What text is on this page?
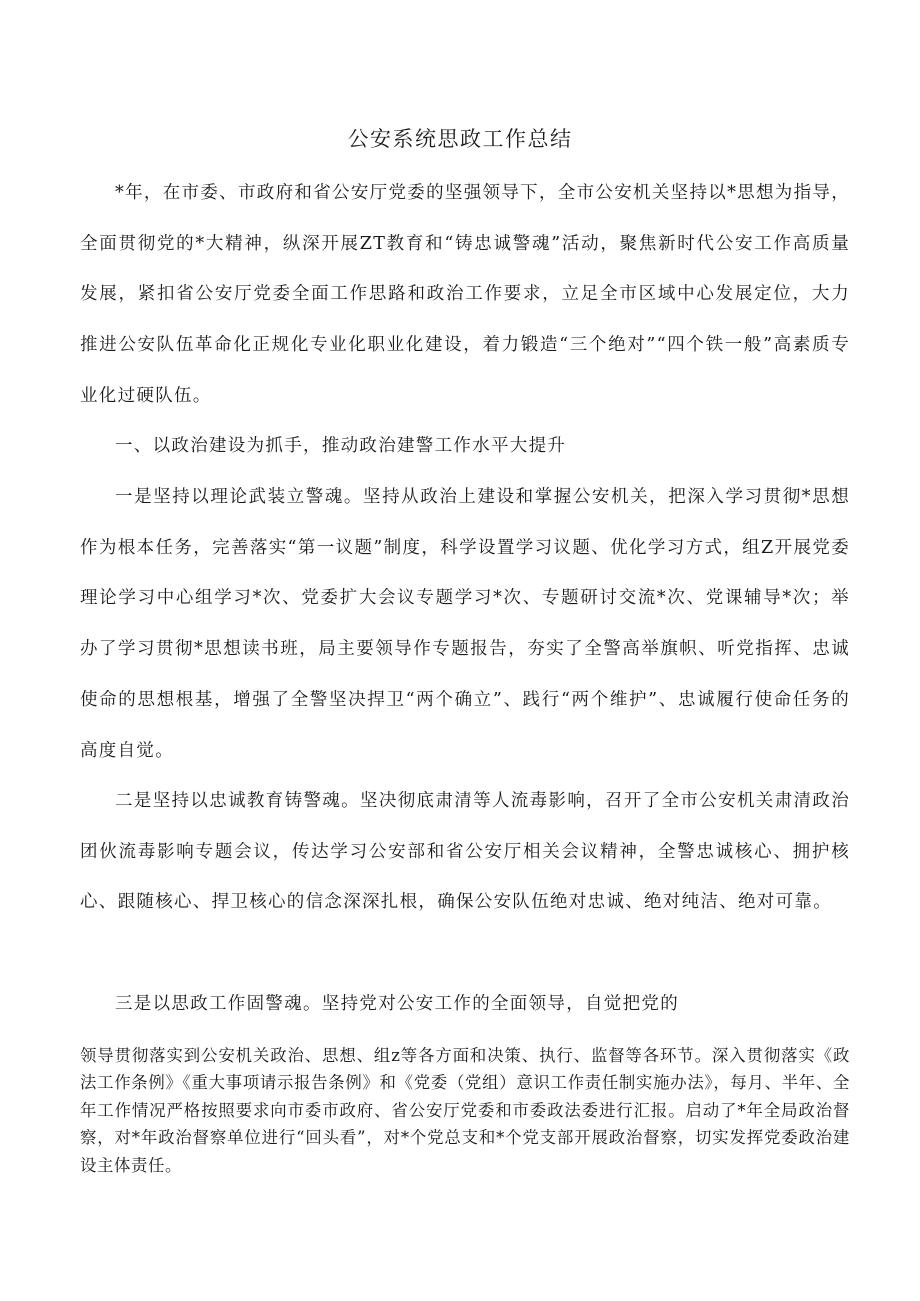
公安系统思政工作总结

*年，在市委、市政府和省公安厅党委的坚强领导下，全市公安机关坚持以*思想为指导，全面贯彻党的*大精神，纵深开展ZT教育和“铸忠诚警魂”活动，聚焦新时代公安工作高质量发展，紧扣省公安厅党委全面工作思路和政治工作要求，立足全市区域中心发展定位，大力推进公安队伍革命化正规化专业化职业化建设，着力锻造“三个绝对”“四个铁一般”高素质专业化过硬队伍。

一、以政治建设为抓手，推动政治建警工作水平大提升

一是坚持以理论武装立警魂。坚持从政治上建设和掌握公安机关，把深入学习贯彻*思想作为根本任务，完善落实“第一议题”制度，科学设置学习议题、优化学习方式，组Z开展党委理论学习中心组学习*次、党委扩大会议专题学习*次、专题研讨交流*次、党课辅导*次；举办了学习贯彻*思想读书班，局主要领导作专题报告，夯实了全警高举旗帜、听党指挥、忠诚使命的思想根基，增强了全警坚决捍卫“两个确立”、践行“两个维护”、忠诚履行使命任务的高度自觉。

二是坚持以忠诚教育铸警魂。坚决彻底肃清等人流毒影响，召开了全市公安机关肃清政治团伙流毒影响专题会议，传达学习公安部和省公安厅相关会议精神，全警忠诚核心、拥护核心、跟随核心、捍卫核心的信念深深扎根，确保公安队伍绝对忠诚、绝对纯洁、绝对可靠。

三是以思政工作固警魂。坚持党对公安工作的全面领导，自觉把党的

领导贯彻落实到公安机关政治、思想、组z等各方面和决策、执行、监督等各环节。深入贯彻落实《政法工作条例》《重大事项请示报告条例》和《党委（党组）意识工作责任制实施办法》，每月、半年、全年工作情况严格按照要求向市委市政府、省公安厅党委和市委政法委进行汇报。启动了*年全局政治督察，对*年政治督察单位进行“回头看”，对*个党总支和*个党支部开展政治督察，切实发挥党委政治建设主体责任。
